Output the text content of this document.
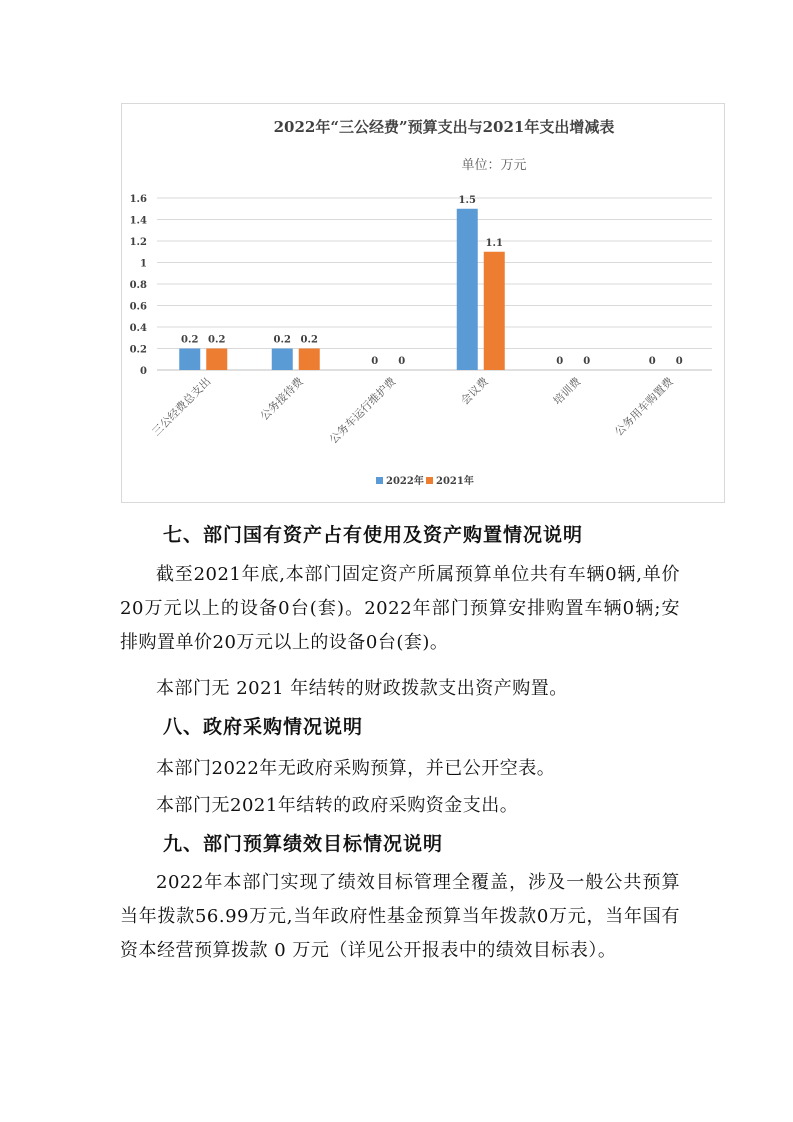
2022年“三公经费”预算支出与2021年支出增减表
单位：万元
0
0.2
0.4
0.6
0.8
1
1.2
1.4
1.6
0.2 0.2	0.2 0.2
0 0
1.5
1.1
0 0	0 0
三公经费总支出	公务接待费 公务车运行维护费	会议费	培训费	公务用车购置费
2022年 2021年

七、部门国有资产占有使用及资产购置情况说明

截至2021年底,本部门固定资产所属预算单位共有车辆0辆,单价20万元以上的设备0台(套)。2022年部门预算安排购置车辆0辆;安排购置单价20万元以上的设备0台(套)。

本部门无 2021 年结转的财政拨款支出资产购置。

八、政府采购情况说明

本部门2022年无政府采购预算，并已公开空表。

本部门无2021年结转的政府采购资金支出。

九、部门预算绩效目标情况说明

2022年本部门实现了绩效目标管理全覆盖，涉及一般公共预算当年拨款56.99万元,当年政府性基金预算当年拨款0万元，当年国有资本经营预算拨款 0 万元（详见公开报表中的绩效目标表）。
